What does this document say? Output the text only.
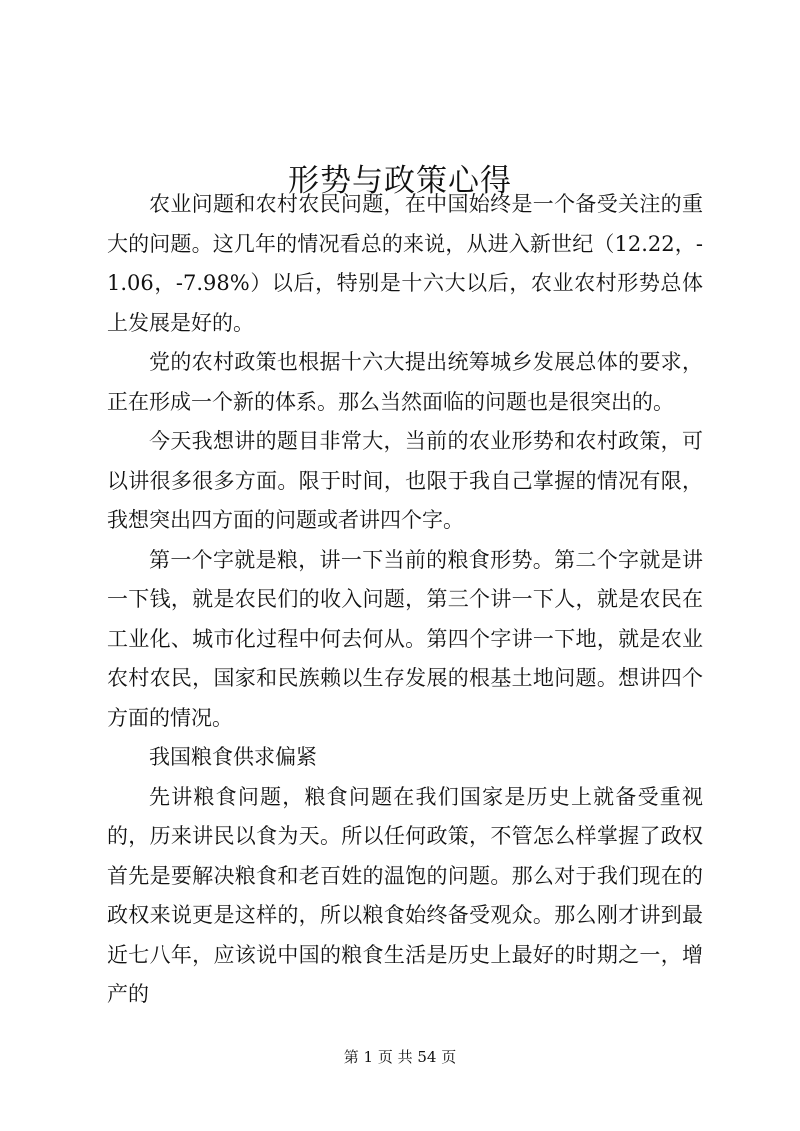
形势与政策心得

农业问题和农村农民问题，在中国始终是一个备受关注的重大的问题。这几年的情况看总的来说，从进入新世纪（12.22，-1.06，-7.98%）以后，特别是十六大以后，农业农村形势总体上发展是好的。

党的农村政策也根据十六大提出统筹城乡发展总体的要求，正在形成一个新的体系。那么当然面临的问题也是很突出的。

今天我想讲的题目非常大，当前的农业形势和农村政策，可以讲很多很多方面。限于时间，也限于我自己掌握的情况有限，我想突出四方面的问题或者讲四个字。

第一个字就是粮，讲一下当前的粮食形势。第二个字就是讲一下钱，就是农民们的收入问题，第三个讲一下人，就是农民在工业化、城市化过程中何去何从。第四个字讲一下地，就是农业农村农民，国家和民族赖以生存发展的根基土地问题。想讲四个方面的情况。

我国粮食供求偏紧

先讲粮食问题，粮食问题在我们国家是历史上就备受重视的，历来讲民以食为天。所以任何政策，不管怎么样掌握了政权首先是要解决粮食和老百姓的温饱的问题。那么对于我们现在的政权来说更是这样的，所以粮食始终备受观众。那么刚才讲到最近七八年，应该说中国的粮食生活是历史上最好的时期之一，增产的

第 1 页 共 54 页
